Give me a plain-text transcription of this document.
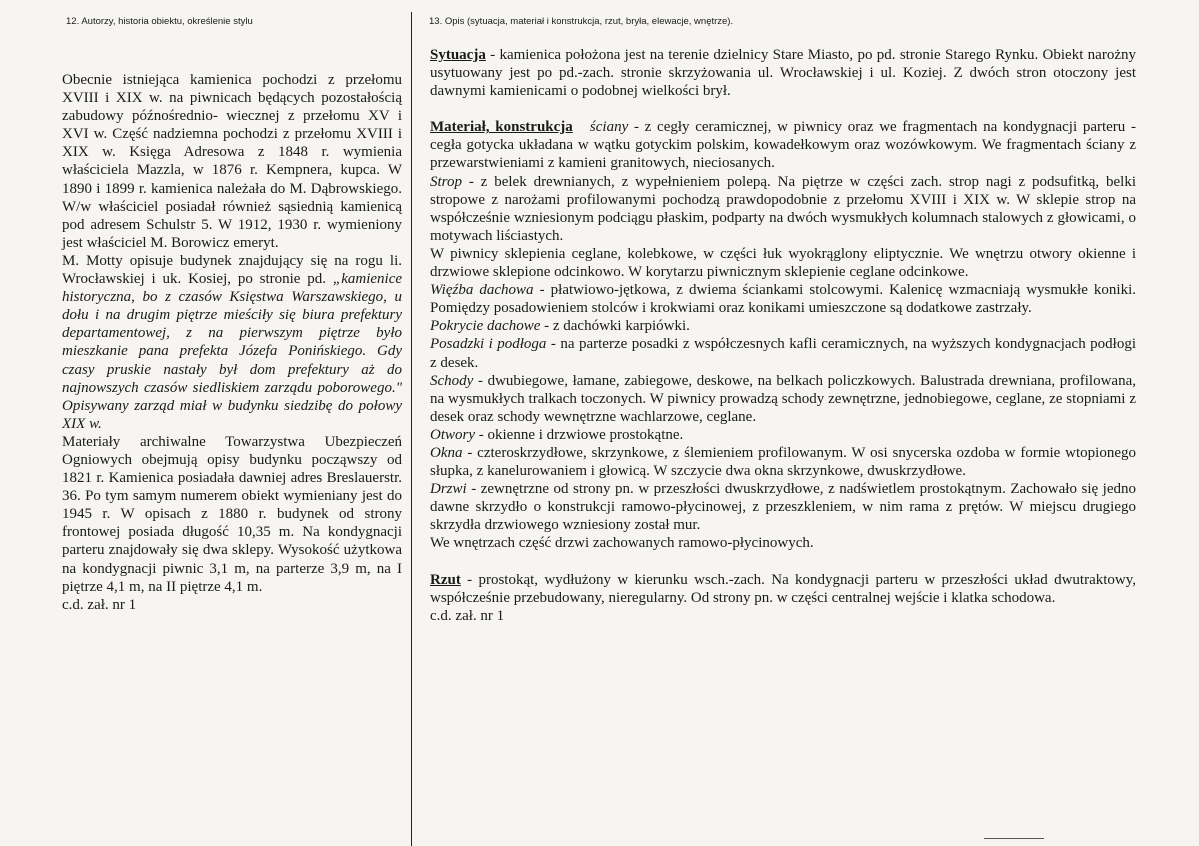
12. Autorzy, historia obiektu, określenie stylu	13. Opis (sytuacja, materiał i konstrukcja, rzut, bryła, elewacje, wnętrze).

Obecnie istniejąca kamienica pochodzi z przełomu XVIII i XIX w. na piwnicach będących pozostałością zabudowy późnośrednio- wiecznej z przełomu XV i XVI w. Część nadziemna pochodzi z przełomu XVIII i XIX w. Księga Adresowa z 1848 r. wymienia właściciela Mazzla, w 1876 r. Kempnera, kupca. W 1890 i 1899 r. kamienica należała do M. Dąbrowskiego. W/w właściciel posiadał również sąsiednią kamienicą pod adresem Schulstr 5. W 1912, 1930 r. wymieniony jest właściciel M. Borowicz emeryt.

M. Motty opisuje budynek znajdujący się na rogu li. Wrocławskiej i uk. Kosiej, po stronie pd. „kamienice historyczna, bo z czasów Księstwa Warszawskiego, u dołu i na drugim piętrze mieściły się biura prefektury departamentowej, z na pierwszym piętrze było mieszkanie pana prefekta Józefa Ponińskiego. Gdy czasy pruskie nastały był dom prefektury aż do najnowszych czasów siedliskiem zarządu poborowego." Opisywany zarząd miał w budynku siedzibę do połowy XIX w.

Materiały archiwalne Towarzystwa Ubezpieczeń Ogniowych obejmują opisy budynku począwszy od 1821 r. Kamienica posiadała dawniej adres Breslauerstr. 36. Po tym samym numerem obiekt wymieniany jest do 1945 r. W opisach z 1880 r. budynek od strony frontowej posiada długość 10,35 m. Na kondygnacji parteru znajdowały się dwa sklepy. Wysokość użytkowa na kondygnacji piwnic 3,1 m, na parterze 3,9 m, na I piętrze 4,1 m, na II piętrze 4,1 m.

c.d. zał. nr 1

Sytuacja - kamienica położona jest na terenie dzielnicy Stare Miasto, po pd. stronie Starego Rynku. Obiekt narożny usytuowany jest po pd.-zach. stronie skrzyżowania ul. Wrocławskiej i ul. Koziej. Z dwóch stron otoczony jest dawnymi kamienicami o podobnej wielkości brył.

Materiał, konstrukcja ściany - z cegły ceramicznej, w piwnicy oraz we fragmentach na kondygnacji parteru - cegła gotycka układana w wątku gotyckim polskim, kowadełkowym oraz wozówkowym. We fragmentach ściany z przewarstwieniami z kamieni granitowych, nieciosanych.

Strop - z belek drewnianych, z wypełnieniem polepą. Na piętrze w części zach. strop nagi z podsufitką, belki stropowe z narożami profilowanymi pochodzą prawdopodobnie z przełomu XVIII i XIX w. W sklepie strop na współcześnie wzniesionym podciągu płaskim, podparty na dwóch wysmukłych kolumnach stalowych z głowicami, o motywach liściastych.

W piwnicy sklepienia ceglane, kolebkowe, w części łuk wyokrąglony eliptycznie. We wnętrzu otwory okienne i drzwiowe sklepione odcinkowo. W korytarzu piwnicznym sklepienie ceglane odcinkowe.

Więźba dachowa - płatwiowo-jętkowa, z dwiema ściankami stolcowymi. Kalenicę wzmacniają wysmukłe koniki. Pomiędzy posadowieniem stolców i krokwiami oraz konikami umieszczone są dodatkowe zastrzały.

Pokrycie dachowe - z dachówki karpiówki.

Posadzki i podłoga - na parterze posadki z współczesnych kafli ceramicznych, na wyższych kondygnacjach podłogi z desek.

Schody - dwubiegowe, łamane, zabiegowe, deskowe, na belkach policzkowych. Balustrada drewniana, profilowana, na wysmukłych tralkach toczonych. W piwnicy prowadzą schody zewnętrzne, jednobiegowe, ceglane, ze stopniami z desek oraz schody wewnętrzne wachlarzowe, ceglane.

Otwory - okienne i drzwiowe prostokątne.

Okna - czteroskrzydłowe, skrzynkowe, z ślemieniem profilowanym. W osi snycerska ozdoba w formie wtopionego słupka, z kanelurowaniem i głowicą. W szczycie dwa okna skrzynkowe, dwuskrzydłowe.

Drzwi - zewnętrzne od strony pn. w przeszłości dwuskrzydłowe, z nadświetlem prostokątnym. Zachowało się jedno dawne skrzydło o konstrukcji ramowo-płycinowej, z przeszkleniem, w nim rama z prętów. W miejscu drugiego skrzydła drzwiowego wzniesiony został mur.

We wnętrzach część drzwi zachowanych ramowo-płycinowych.

Rzut - prostokąt, wydłużony w kierunku wsch.-zach. Na kondygnacji parteru w przeszłości układ dwutraktowy, współcześnie przebudowany, nieregularny. Od strony pn. w części centralnej wejście i klatka schodowa.

c.d. zał. nr 1
